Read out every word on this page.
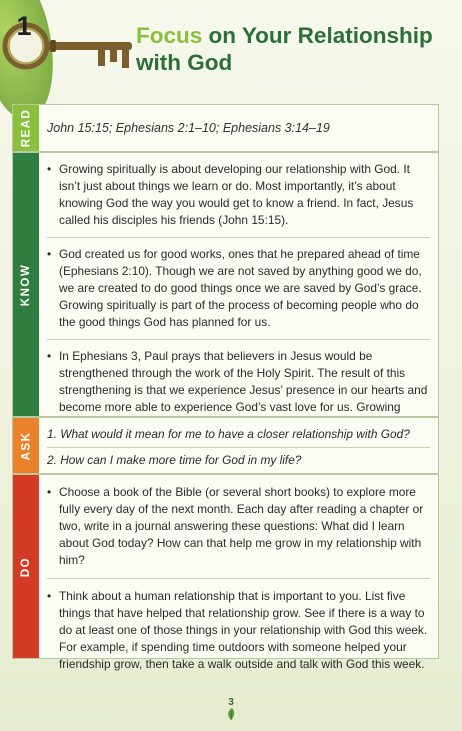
1	Focus on Your Relationship
with God
READ John 15:15; Ephesians 2:1–10; Ephesians 3:14–19
KNOW
• Growing spiritually is about developing our relationship with God. It isn’t just about things we learn or do. Most importantly, it’s about knowing God the way you would get to know a friend. In fact, Jesus called his disciples his friends (John 15:15).
• God created us for good works, ones that he prepared ahead of time (Ephesians 2:10). Though we are not saved by anything good we do, we are created to do good things once we are saved by God’s grace. Growing spiritually is part of the process of becoming people who do the good things God has planned for us.
• In Ephesians 3, Paul prays that believers in Jesus would be strengthened through the work of the Holy Spirit. The result of this strengthening is that we experience Jesus’ presence in our hearts and become more able to experience God’s vast love for us. Growing
ASK 1. What would it mean for me to have a closer relationship with God?
2. How can I make more time for God in my life?
DO
• Choose a book of the Bible (or several short books) to explore more fully every day of the next month. Each day after reading a chapter or two, write in a journal answering these questions: What did I learn about God today? How can that help me grow in my relationship with him?
• Think about a human relationship that is important to you. List five things that have helped that relationship grow. See if there is a way to do at least one of those things in your relationship with God this week. For example, if spending time outdoors with someone helped your friendship grow, then take a walk outside and talk with God this week.
3
